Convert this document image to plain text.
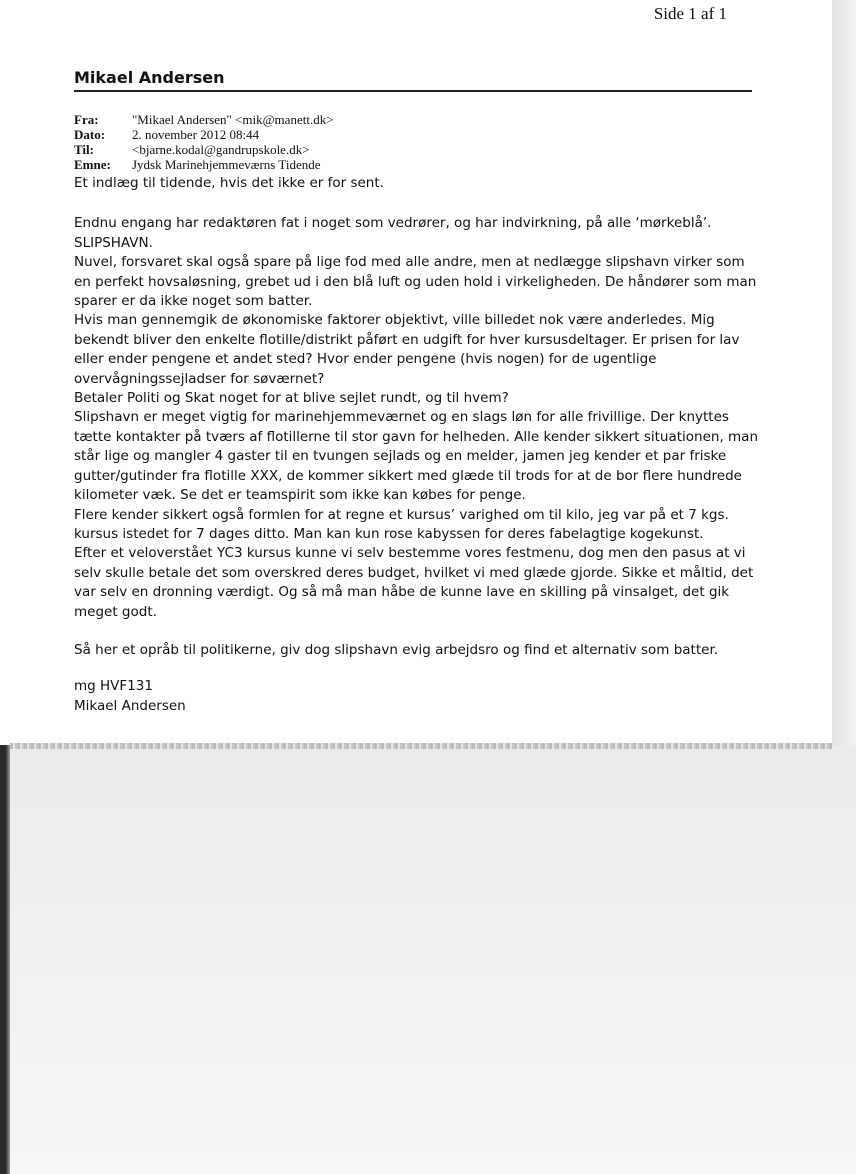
Side 1 af 1
Mikael Andersen
Fra:	"Mikael Andersen" <mik@manett.dk>
Dato:	2. november 2012 08:44
Til:	<bjarne.kodal@gandrupskole.dk>
Emne:	Jydsk Marinehjemmeværns Tidende

Et indlæg til tidende, hvis det ikke er for sent.

Endnu engang har redaktøren fat i noget som vedrører, og har indvirkning, på alle ‘mørkeblå’.

SLIPSHAVN.

Nuvel, forsvaret skal også spare på lige fod med alle andre, men at nedlægge slipshavn virker som en perfekt hovsaløsning, grebet ud i den blå luft og uden hold i virkeligheden. De håndører som man sparer er da ikke noget som batter.

Hvis man gennemgik de økonomiske faktorer objektivt, ville billedet nok være anderledes. Mig bekendt bliver den enkelte flotille/distrikt påført en udgift for hver kursusdeltager. Er prisen for lav eller ender pengene et andet sted? Hvor ender pengene (hvis nogen) for de ugentlige overvågningssejladser for søværnet?

Betaler Politi og Skat noget for at blive sejlet rundt, og til hvem?

Slipshavn er meget vigtig for marinehjemmeværnet og en slags løn for alle frivillige. Der knyttes tætte kontakter på tværs af flotillerne til stor gavn for helheden. Alle kender sikkert situationen, man står lige og mangler 4 gaster til en tvungen sejlads og en melder, jamen jeg kender et par friske gutter/gutinder fra flotille XXX, de kommer sikkert med glæde til trods for at de bor flere hundrede kilometer væk. Se det er teamspirit som ikke kan købes for penge.

Flere kender sikkert også formlen for at regne et kursus’ varighed om til kilo, jeg var på et 7 kgs. kursus istedet for 7 dages ditto. Man kan kun rose kabyssen for deres fabelagtige kogekunst.

Efter et veloverstået YC3 kursus kunne vi selv bestemme vores festmenu, dog men den pasus at vi selv skulle betale det som overskred deres budget, hvilket vi med glæde gjorde. Sikke et måltid, det var selv en dronning værdigt. Og så må man håbe de kunne lave en skilling på vinsalget, det gik meget godt.

Så her et opråb til politikerne, giv dog slipshavn evig arbejdsro og find et alternativ som batter.

mg HVF131

Mikael Andersen
